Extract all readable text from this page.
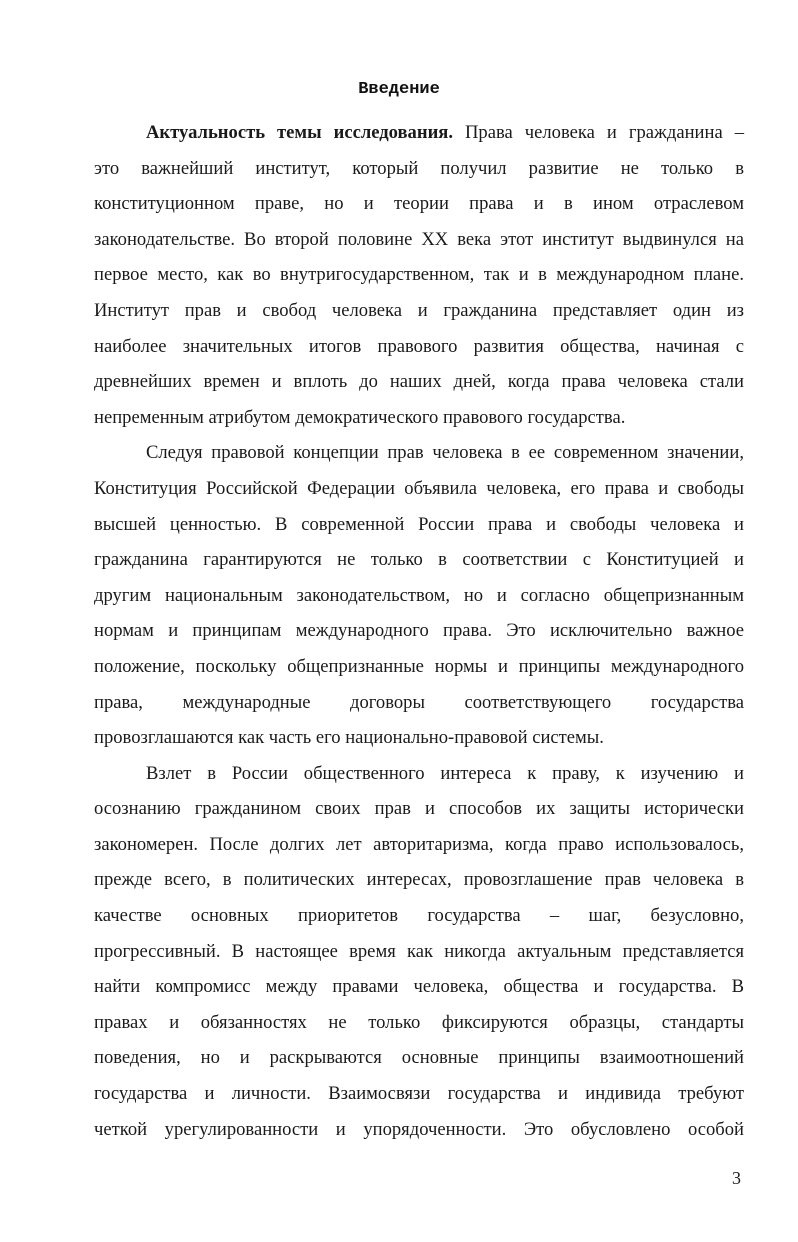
Введение
Актуальность темы исследования. Права человека и гражданина –
это важнейший институт, который получил развитие не только в
конституционном праве, но и теории права и в ином отраслевом
законодательстве. Во второй половине XX века этот институт выдвинулся на
первое место, как во внутригосударственном, так и в международном плане.
Институт прав и свобод человека и гражданина представляет один из
наиболее значительных итогов правового развития общества, начиная с
древнейших времен и вплоть до наших дней, когда права человека стали
непременным атрибутом демократического правового государства.
Следуя правовой концепции прав человека в ее современном значении,
Конституция Российской Федерации объявила человека, его права и свободы
высшей ценностью. В современной России права и свободы человека и
гражданина гарантируются не только в соответствии с Конституцией и
другим национальным законодательством, но и согласно общепризнанным
нормам и принципам международного права. Это исключительно важное
положение, поскольку общепризнанные нормы и принципы международного
права, международные договоры соответствующего государства
провозглашаются как часть его национально-правовой системы.
Взлет в России общественного интереса к праву, к изучению и
осознанию гражданином своих прав и способов их защиты исторически
закономерен. После долгих лет авторитаризма, когда право использовалось,
прежде всего, в политических интересах, провозглашение прав человека в
качестве основных приоритетов государства – шаг, безусловно,
прогрессивный. В настоящее время как никогда актуальным представляется
найти компромисс между правами человека, общества и государства. В
правах и обязанностях не только фиксируются образцы, стандарты
поведения, но и раскрываются основные принципы взаимоотношений
государства и личности. Взаимосвязи государства и индивида требуют
четкой урегулированности и упорядоченности. Это обусловлено особой
3
